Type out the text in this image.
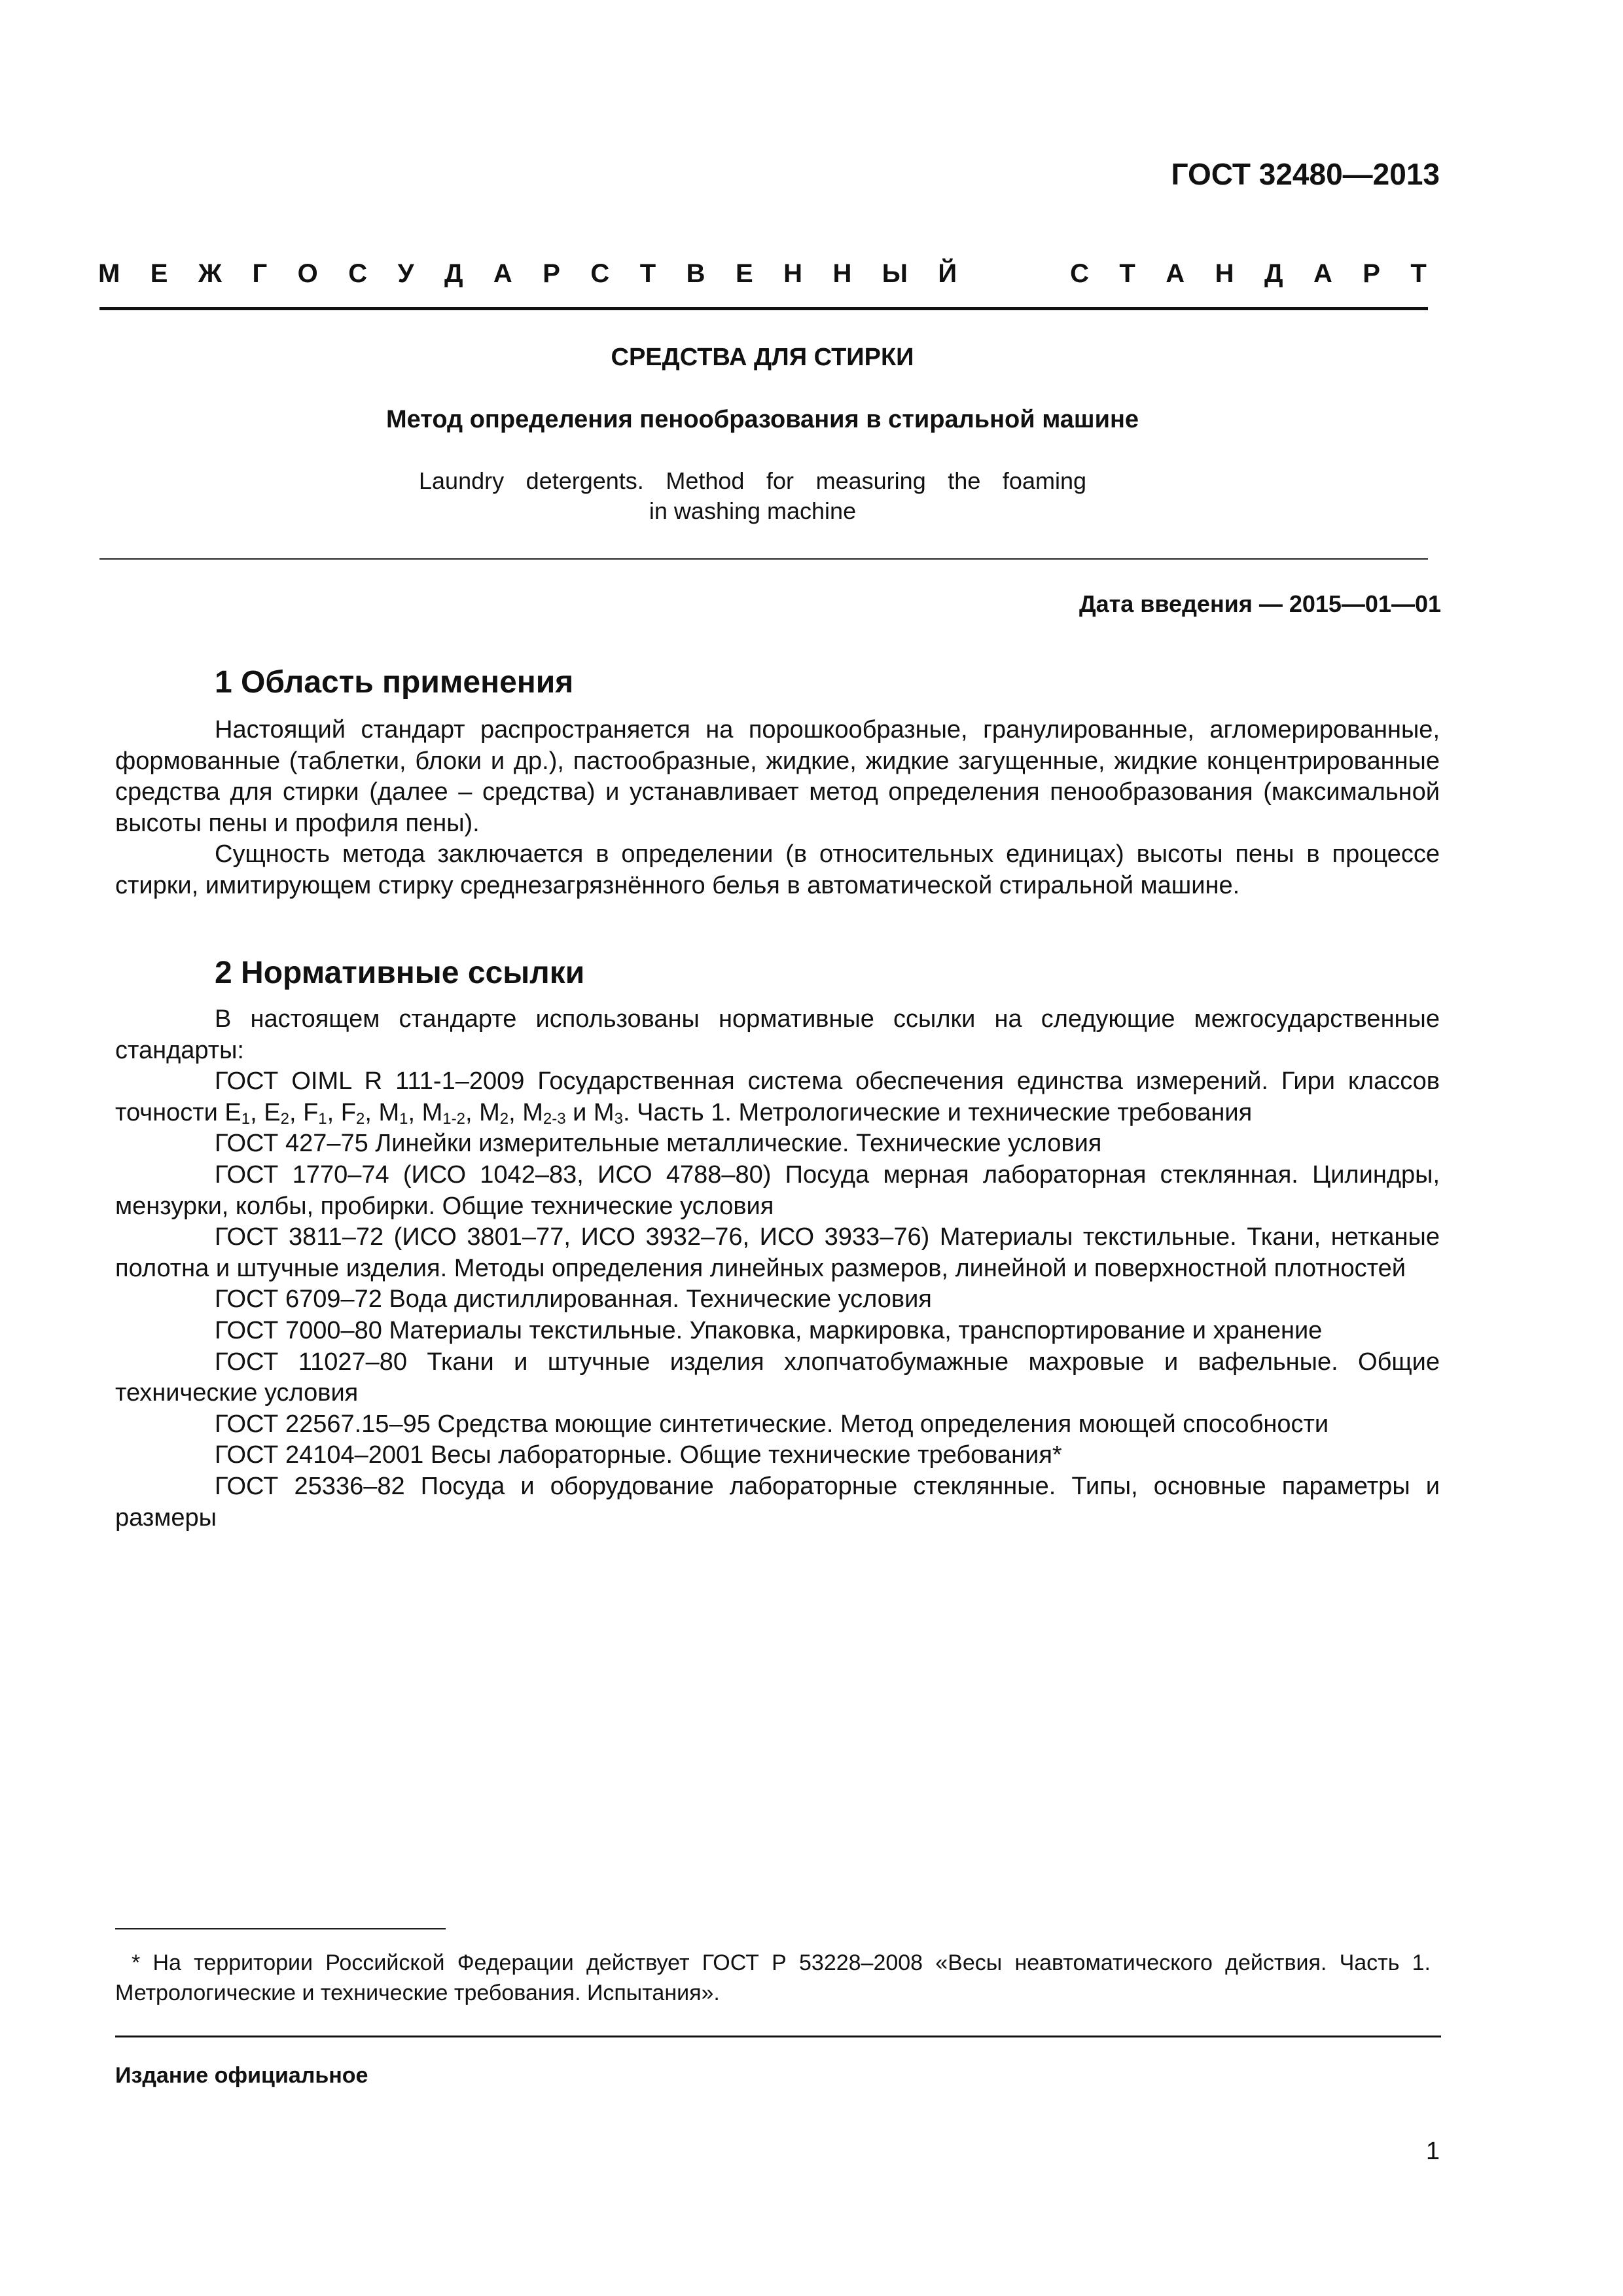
ГОСТ 32480—2013
М Е Ж Г О С У Д А Р С Т В Е Н Н Ы Й	С Т А Н Д А Р Т
СРЕДСТВА ДЛЯ СТИРКИ
Метод определения пенообразования в стиральной машине
Laundry detergents. Method for measuring the foaming
in washing machine
Дата введения — 2015—01—01
1 Область применения

Настоящий стандарт распространяется на порошкообразные, гранулированные, агломерированные, формованные (таблетки, блоки и др.), пастообразные, жидкие, жидкие загущенные, жидкие концентрированные средства для стирки (далее – средства) и устанавливает метод определения пенообразования (максимальной высоты пены и профиля пены).

Сущность метода заключается в определении (в относительных единицах) высоты пены в процессе стирки, имитирующем стирку среднезагрязнённого белья в автоматической стиральной машине.

2 Нормативные ссылки

В настоящем стандарте использованы нормативные ссылки на следующие межгосударственные стандарты:

ГОСТ OIML R 111-1–2009 Государственная система обеспечения единства измерений. Гири классов точности $E_1$, $E_2$, $F_1$, $F_2$, $M_1$, $M_{1-2}$, $M_2$, $M_{2-3}$ и $M_3$. Часть 1. Метрологические и технические требования

ГОСТ 427–75 Линейки измерительные металлические. Технические условия

ГОСТ 1770–74 (ИСО 1042–83, ИСО 4788–80) Посуда мерная лабораторная стеклянная. Цилиндры, мензурки, колбы, пробирки. Общие технические условия

ГОСТ 3811–72 (ИСО 3801–77, ИСО 3932–76, ИСО 3933–76) Материалы текстильные. Ткани, нетканые полотна и штучные изделия. Методы определения линейных размеров, линейной и поверхностной плотностей

ГОСТ 6709–72 Вода дистиллированная. Технические условия

ГОСТ 7000–80 Материалы текстильные. Упаковка, маркировка, транспортирование и хранение

ГОСТ 11027–80 Ткани и штучные изделия хлопчатобумажные махровые и вафельные. Общие технические условия

ГОСТ 22567.15–95 Средства моющие синтетические. Метод определения моющей способности

ГОСТ 24104–2001 Весы лабораторные. Общие технические требования*

ГОСТ 25336–82 Посуда и оборудование лабораторные стеклянные. Типы, основные параметры и размеры

* На территории Российской Федерации действует ГОСТ Р 53228–2008 «Весы неавтоматического действия. Часть 1. Метрологические и технические требования. Испытания».
Издание официальное
1
